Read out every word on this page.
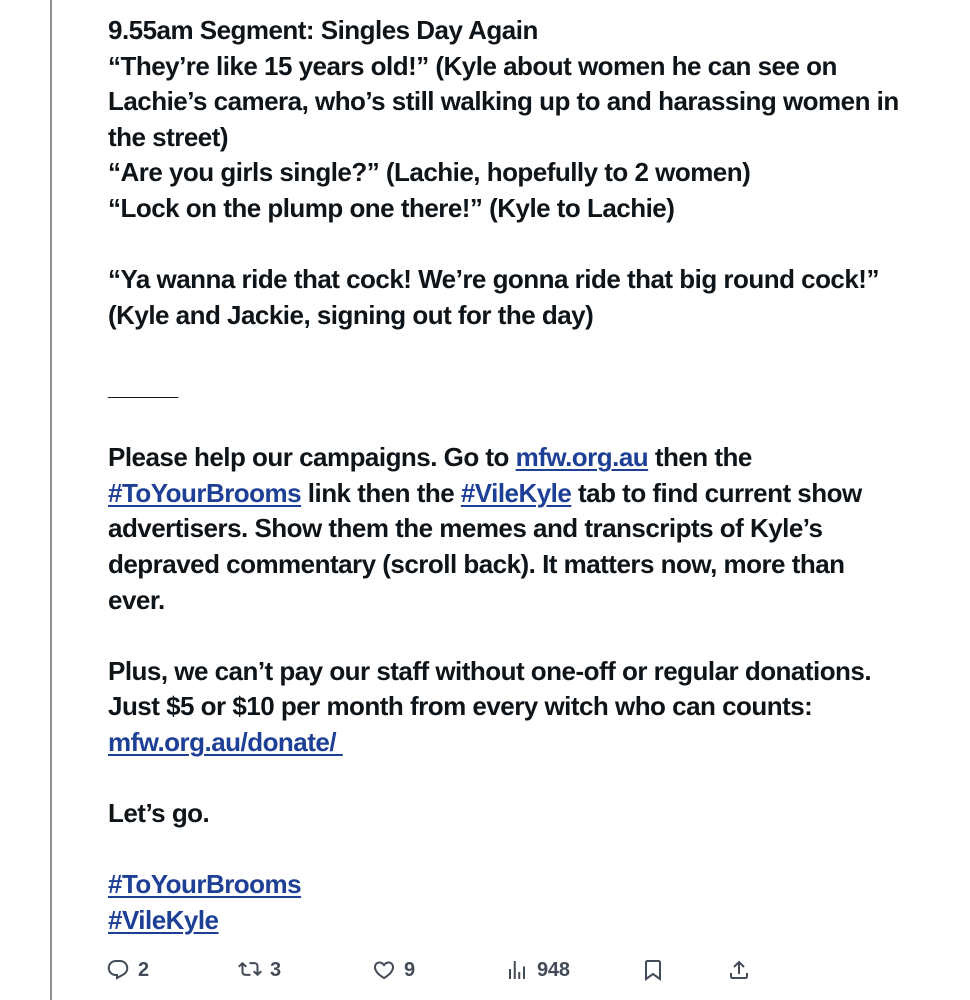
9.55am Segment: Singles Day Again
“They’re like 15 years old!” (Kyle about women he can see on
Lachie’s camera, who’s still walking up to and harassing women in
the street)
“Are you girls single?” (Lachie, hopefully to 2 women)
“Lock on the plump one there!” (Kyle to Lachie)

“Ya wanna ride that cock! We’re gonna ride that big round cock!”
(Kyle and Jackie, signing out for the day)

_____

Please help our campaigns. Go to mfw.org.au then the
#ToYourBrooms link then the #VileKyle tab to find current show
advertisers. Show them the memes and transcripts of Kyle’s
depraved commentary (scroll back). It matters now, more than
ever.

Plus, we can’t pay our staff without one-off or regular donations.
Just $5 or $10 per month from every witch who can counts:
mfw.org.au/donate/

Let’s go.

#ToYourBrooms
#VileKyle
2	3	9	948
